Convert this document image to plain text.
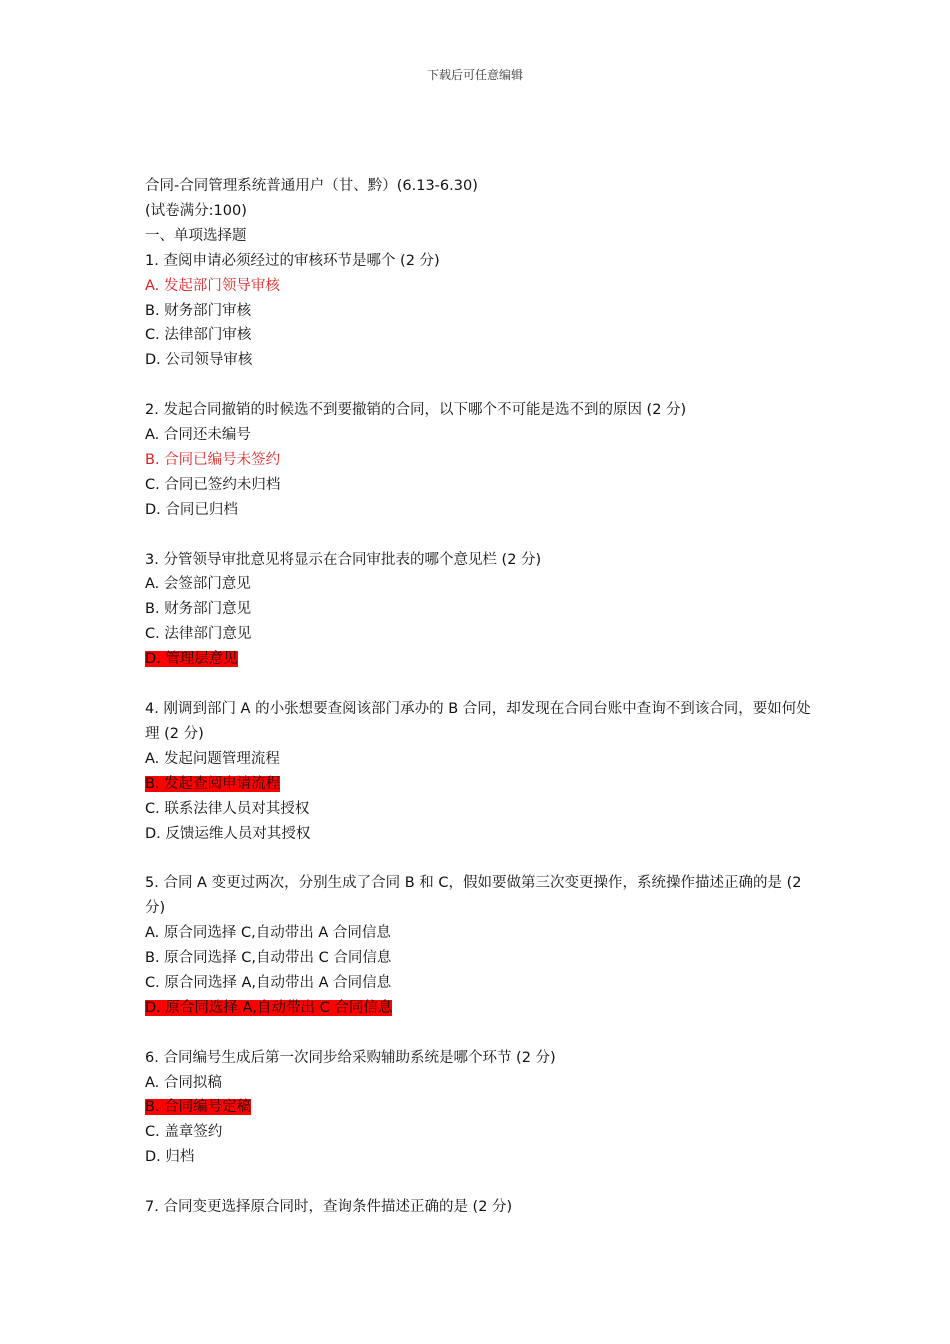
下载后可任意编辑
合同-合同管理系统普通用户（甘、黔）(6.13-6.30)
(试卷满分:100)
一、单项选择题
1. 查阅申请必须经过的审核环节是哪个 (2 分)
A. 发起部门领导审核
B. 财务部门审核
C. 法律部门审核
D. 公司领导审核
2. 发起合同撤销的时候选不到要撤销的合同，以下哪个不可能是选不到的原因 (2 分)
A. 合同还未编号
B. 合同已编号未签约
C. 合同已签约未归档
D. 合同已归档
3. 分管领导审批意见将显示在合同审批表的哪个意见栏 (2 分)
A. 会签部门意见
B. 财务部门意见
C. 法律部门意见
D. 管理层意见
4. 刚调到部门 A 的小张想要查阅该部门承办的 B 合同，却发现在合同台账中查询不到该合同，要如何处理 (2 分)
A. 发起问题管理流程
B. 发起查阅申请流程
C. 联系法律人员对其授权
D. 反馈运维人员对其授权
5. 合同 A 变更过两次，分别生成了合同 B 和 C，假如要做第三次变更操作，系统操作描述正确的是 (2 分)
A. 原合同选择 C,自动带出 A 合同信息
B. 原合同选择 C,自动带出 C 合同信息
C. 原合同选择 A,自动带出 A 合同信息
D. 原合同选择 A,自动带出 C 合同信息
6. 合同编号生成后第一次同步给采购辅助系统是哪个环节 (2 分)
A. 合同拟稿
B. 合同编号定稿
C. 盖章签约
D. 归档
7. 合同变更选择原合同时，查询条件描述正确的是 (2 分)
